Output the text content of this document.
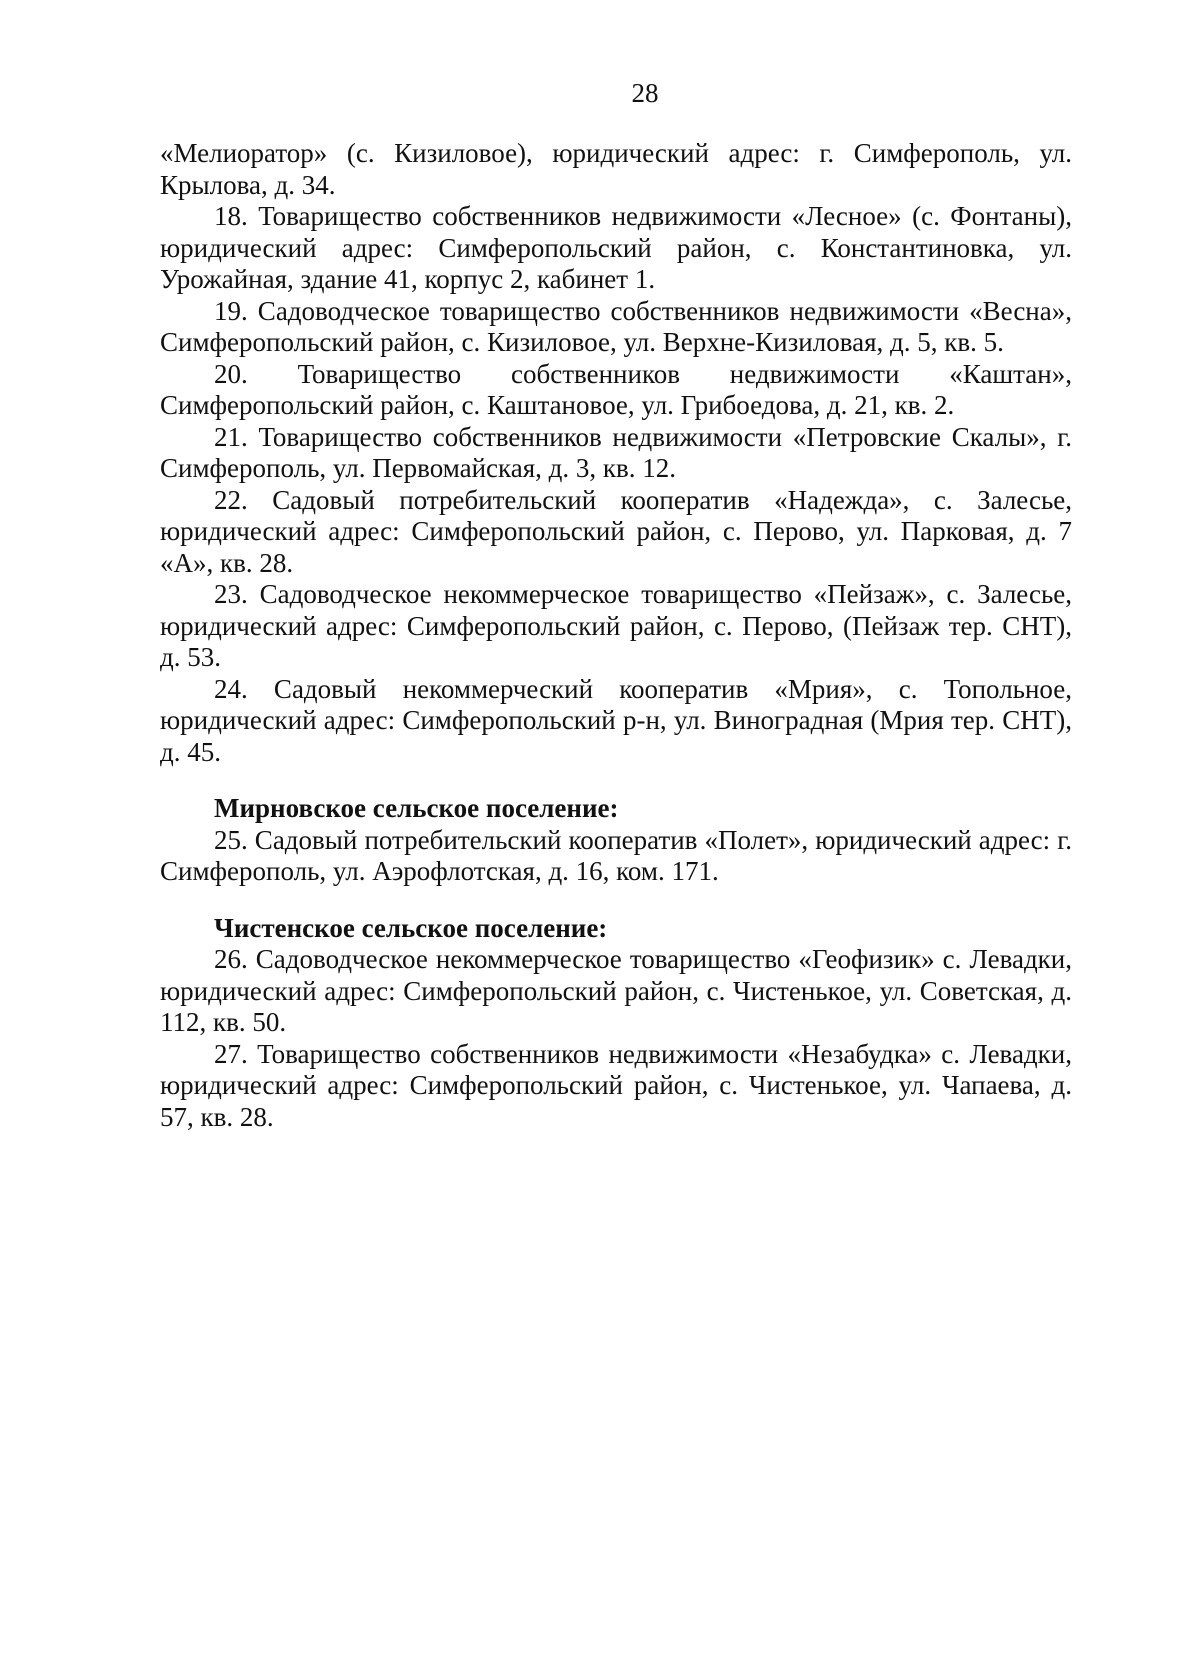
28

«Мелиоратор» (с. Кизиловое), юридический адрес: г. Симферополь, ул. Крылова, д. 34.

18. Товарищество собственников недвижимости «Лесное» (с. Фонтаны), юридический адрес: Симферопольский район, с. Константиновка, ул. Урожайная, здание 41, корпус 2, кабинет 1.

19. Садоводческое товарищество собственников недвижимости «Весна», Симферопольский район, с. Кизиловое, ул. Верхне-Кизиловая, д. 5, кв. 5.

20. Товарищество собственников недвижимости «Каштан», Симферопольский район, с. Каштановое, ул. Грибоедова, д. 21, кв. 2.

21. Товарищество собственников недвижимости «Петровские Скалы», г. Симферополь, ул. Первомайская, д. 3, кв. 12.

22. Садовый потребительский кооператив «Надежда», с. Залесье, юридический адрес: Симферопольский район, с. Перово, ул. Парковая, д. 7 «А», кв. 28.

23. Садоводческое некоммерческое товарищество «Пейзаж», с. Залесье, юридический адрес: Симферопольский район, с. Перово, (Пейзаж тер. СНТ), д. 53.

24. Садовый некоммерческий кооператив «Мрия», с. Топольное, юридический адрес: Симферопольский р-н, ул. Виноградная (Мрия тер. СНТ), д. 45.

Мирновское сельское поселение:

25. Садовый потребительский кооператив «Полет», юридический адрес: г. Симферополь, ул. Аэрофлотская, д. 16, ком. 171.

Чистенское сельское поселение:

26. Садоводческое некоммерческое товарищество «Геофизик» с. Левадки, юридический адрес: Симферопольский район, с. Чистенькое, ул. Советская, д. 112, кв. 50.

27. Товарищество собственников недвижимости «Незабудка» с. Левадки, юридический адрес: Симферопольский район, с. Чистенькое, ул. Чапаева, д. 57, кв. 28.
